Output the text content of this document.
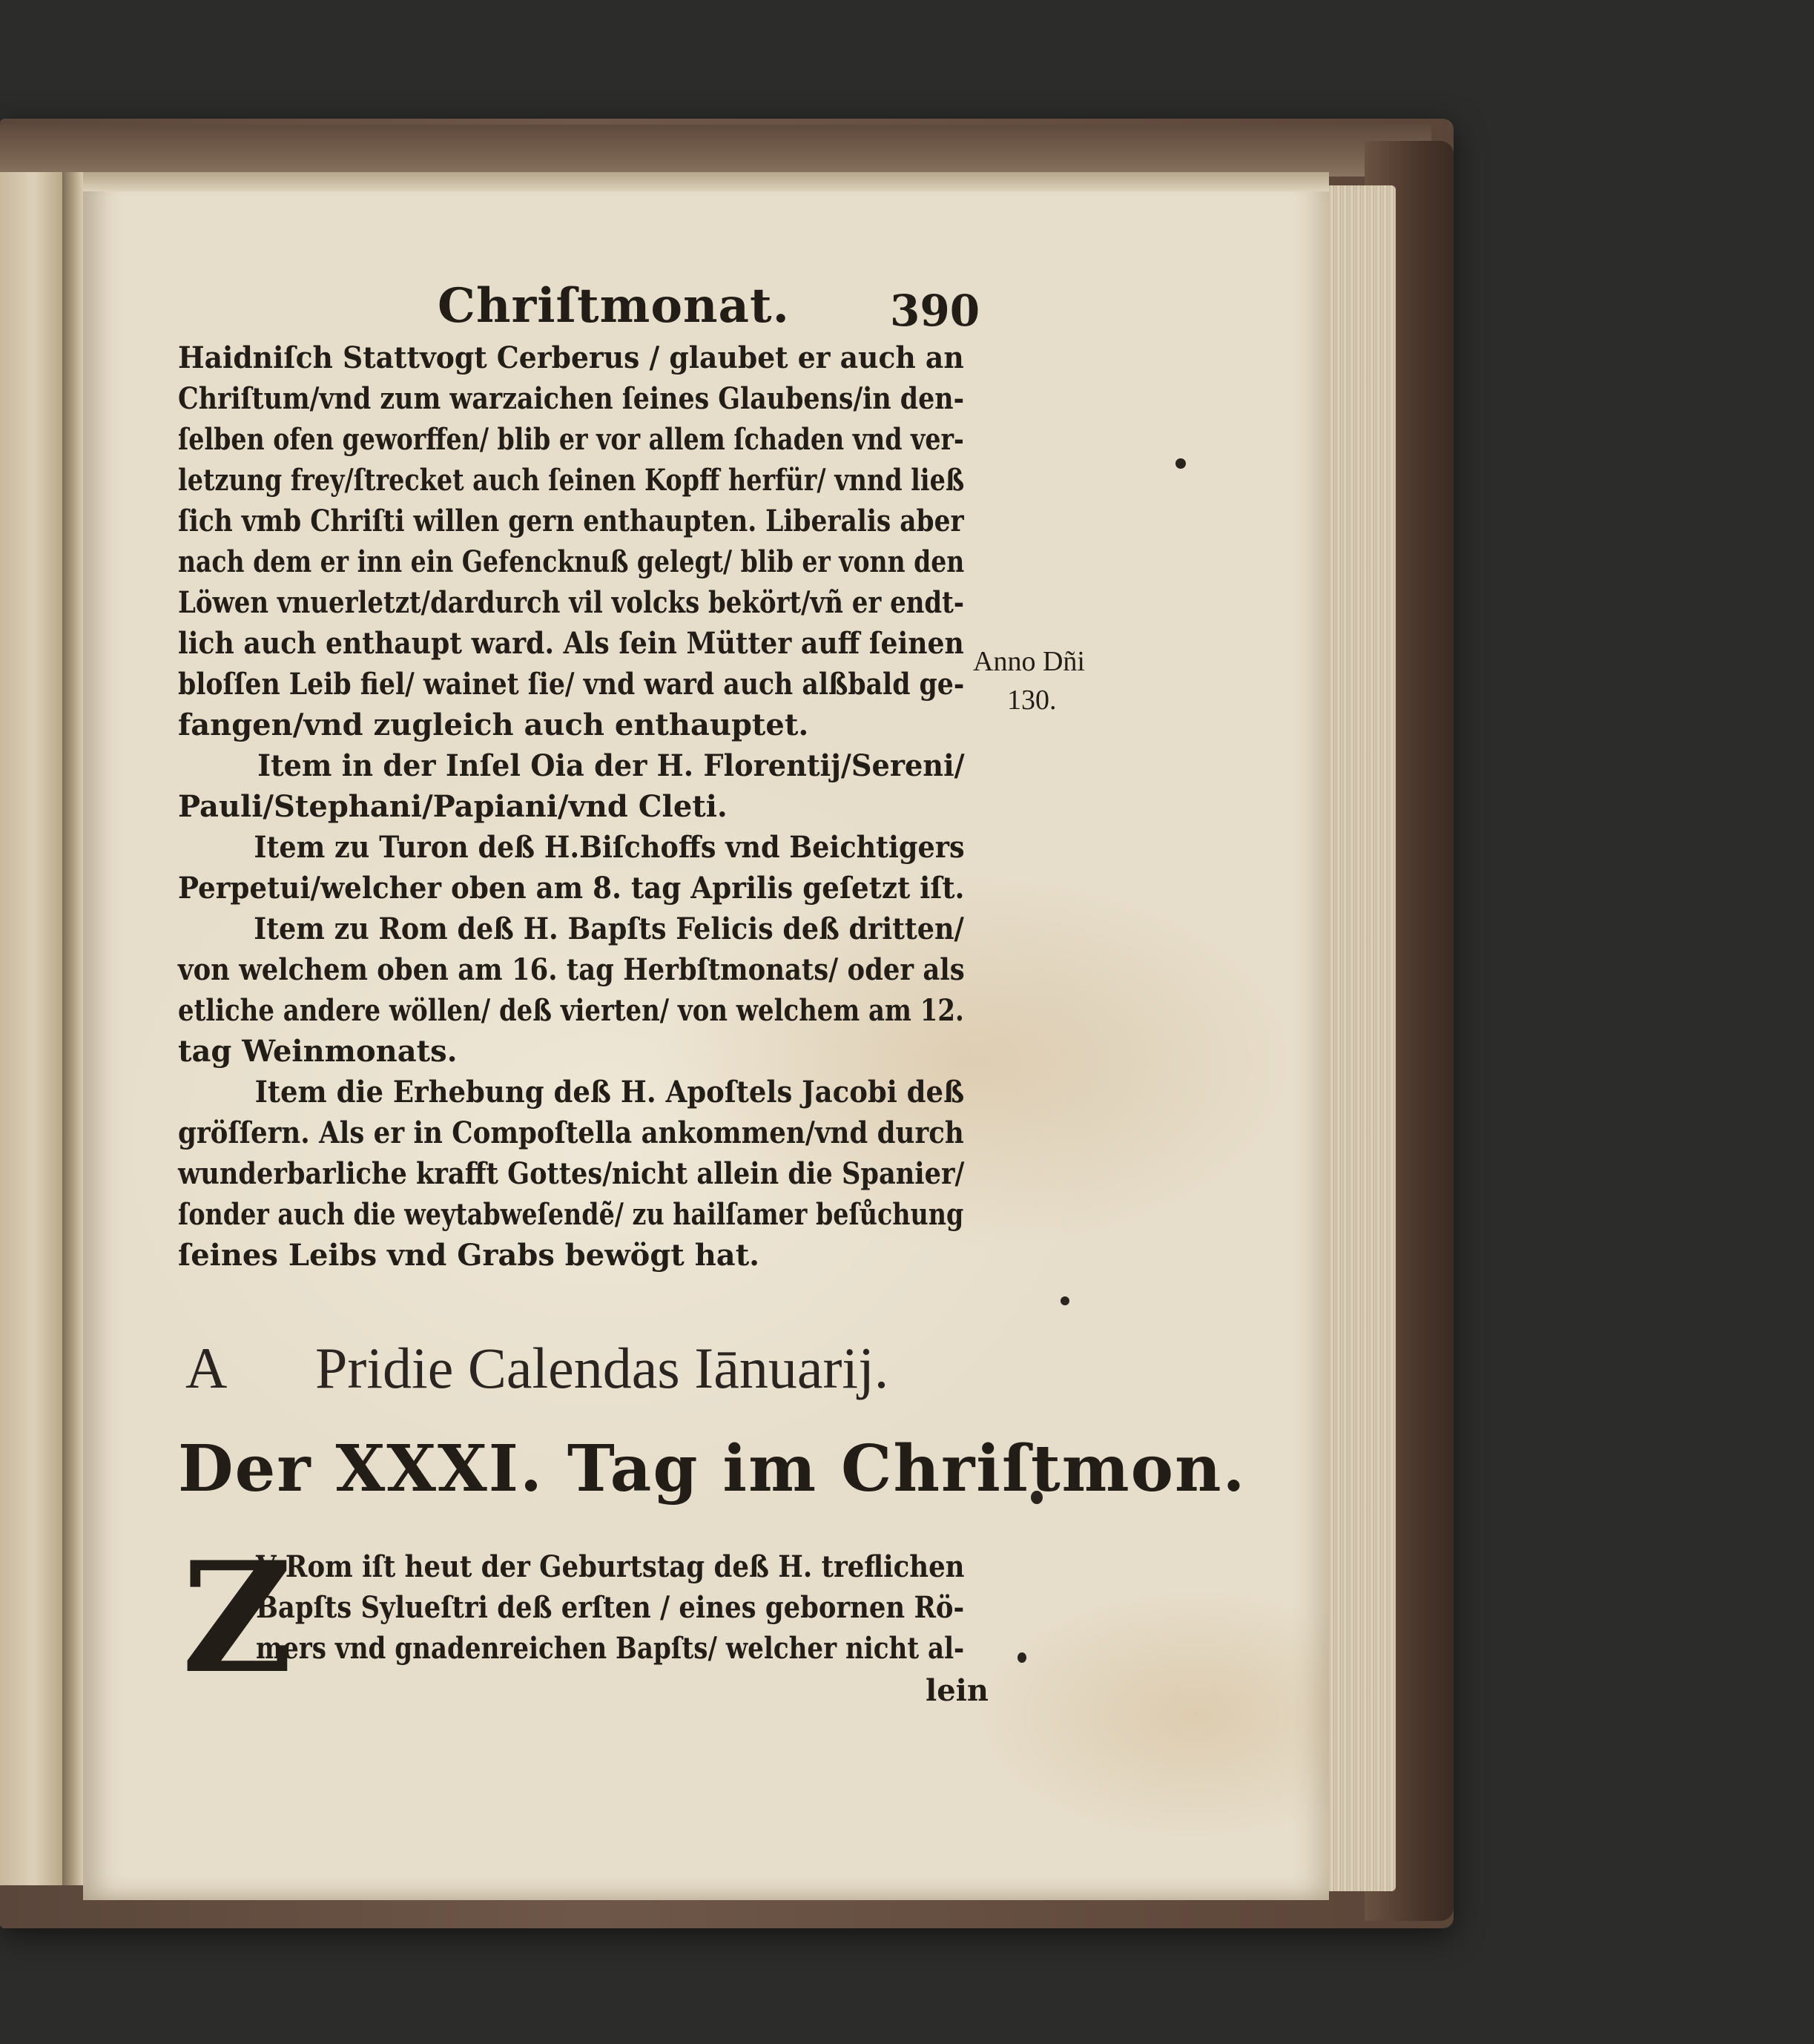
Chriſtmonat. 390
Haidniſch Stattvogt Cerberus / glaubet er auch an
Chriſtum/vnd zum warzaichen ſeines Glaubens/in den-
ſelben ofen geworffen/ blib er vor allem ſchaden vnd ver-
letzung frey/ſtrecket auch ſeinen Kopff herfür/ vnnd ließ
ſich vmb Chriſti willen gern enthaupten. Liberalis aber
nach dem er inn ein Gefencknuß gelegt/ blib er vonn den
Löwen vnuerletzt/dardurch vil volcks bekört/vñ er endt-
lich auch enthaupt ward. Als ſein Mütter auff ſeinen
bloſſen Leib fiel/ wainet ſie/ vnd ward auch alßbald ge-
fangen/vnd zugleich auch enthauptet.
Item in der Inſel Oia der H. Florentij/Sereni/
Pauli/Stephani/Papiani/vnd Cleti.
Item zu Turon deß H.Biſchoffs vnd Beichtigers
Perpetui/welcher oben am 8. tag Aprilis geſetzt iſt.
Item zu Rom deß H. Bapſts Felicis deß dritten/
von welchem oben am 16. tag Herbſtmonats/ oder als
etliche andere wöllen/ deß vierten/ von welchem am 12.
tag Weinmonats.
Item die Erhebung deß H. Apoſtels Jacobi deß
gröſſern. Als er in Compoſtella ankommen/vnd durch
wunderbarliche krafft Gottes/nicht allein die Spanier/
ſonder auch die weytabweſendẽ/ zu hailſamer beſůchung
ſeines Leibs vnd Grabs bewögt hat.
Anno Dñi
130.
A Pridie Calendas Iānuarij.
Der XXXI. Tag im Chriſtmon.
Z
V Rom iſt heut der Geburtstag deß H. treflichen
Bapſts Sylueſtri deß erſten / eines gebornen Rö-
mers vnd gnadenreichen Bapſts/ welcher nicht al-
lein
